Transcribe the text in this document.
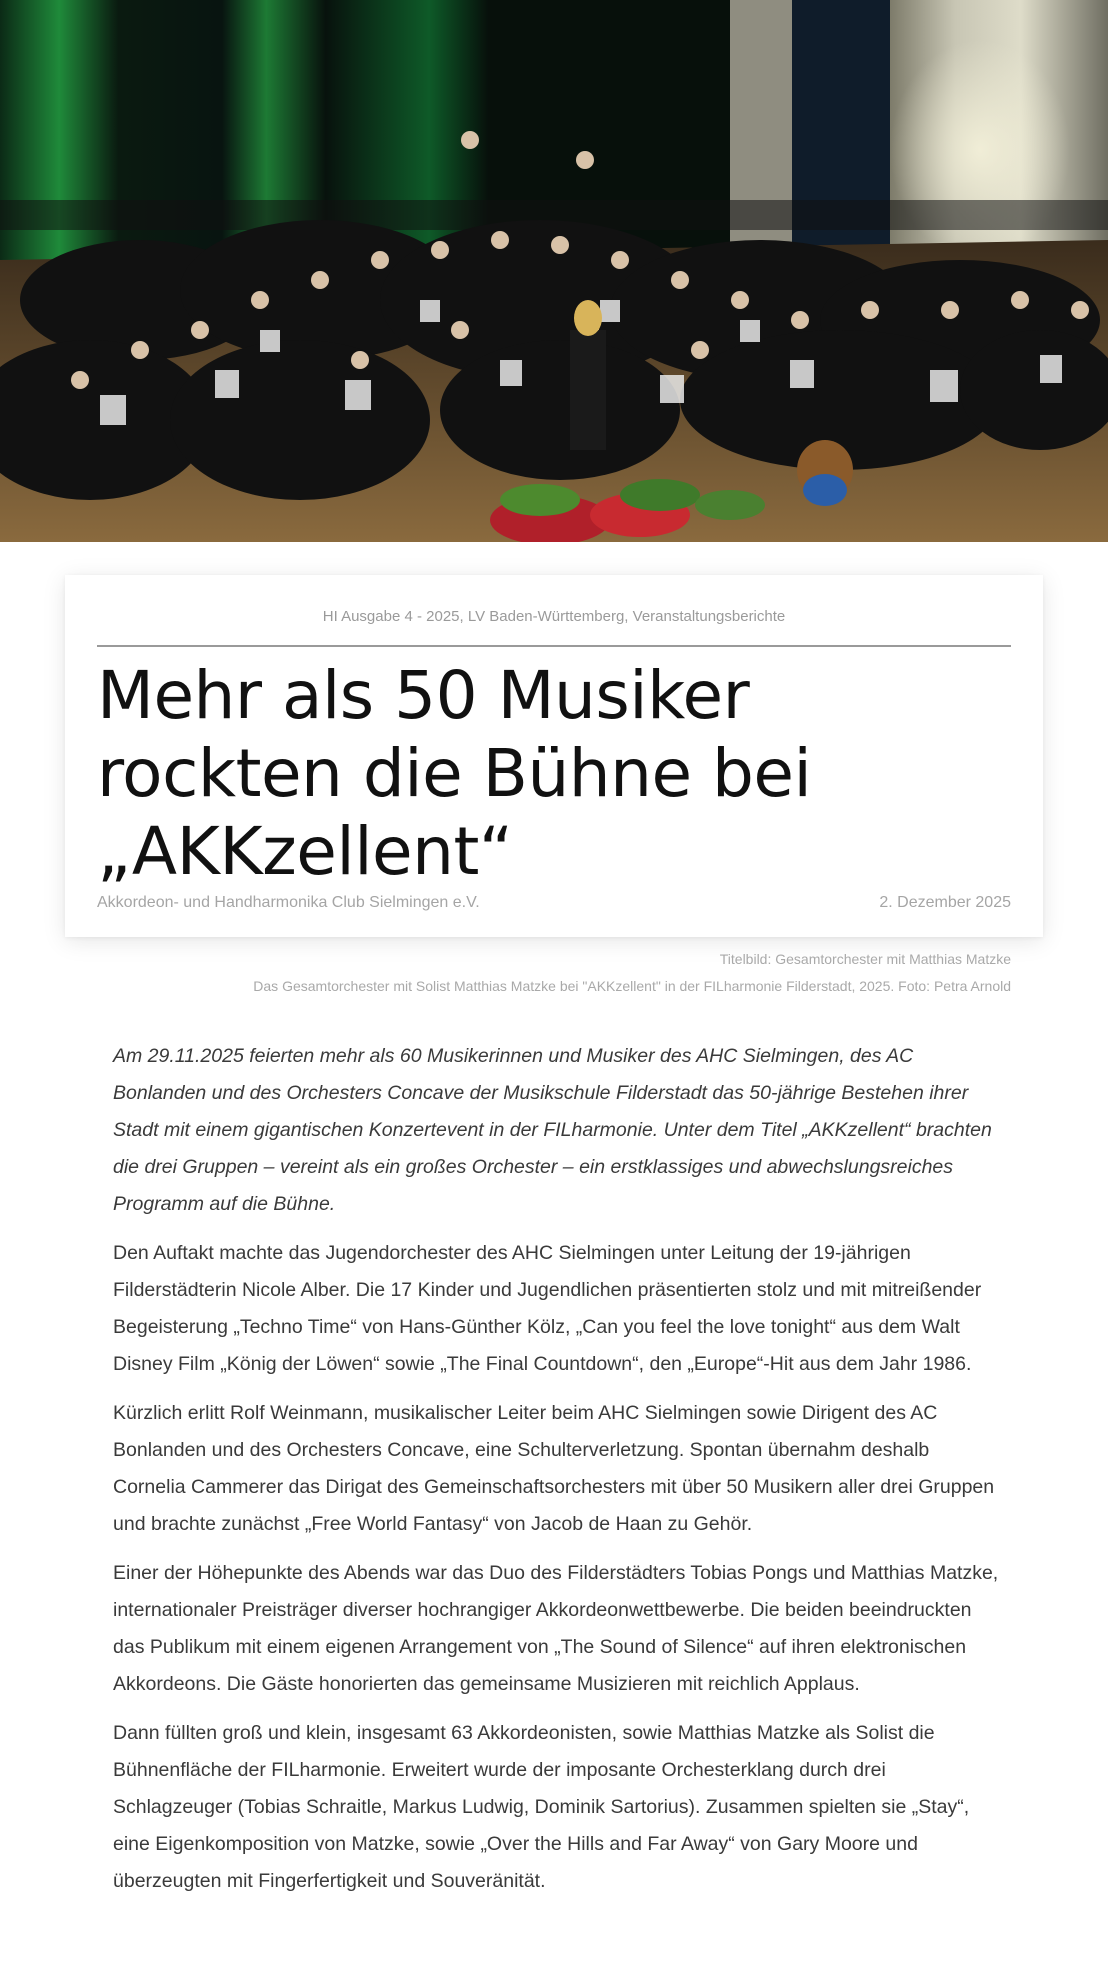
HI Ausgabe 4 - 2025, LV Baden-Württemberg, Veranstaltungsberichte
Mehr als 50 Musiker rockten die Bühne bei „AKKzellent“
Akkordeon- und Handharmonika Club Sielmingen e.V.	2. Dezember 2025
Titelbild: Gesamtorchester mit Matthias Matzke
Das Gesamtorchester mit Solist Matthias Matzke bei "AKKzellent" in der FILharmonie Filderstadt, 2025. Foto: Petra Arnold

Am 29.11.2025 feierten mehr als 60 Musikerinnen und Musiker des AHC Sielmingen, des AC Bonlanden und des Orchesters Concave der Musikschule Filderstadt das 50-jährige Bestehen ihrer Stadt mit einem gigantischen Konzertevent in der FILharmonie. Unter dem Titel „AKKzellent“ brachten die drei Gruppen – vereint als ein großes Orchester – ein erstklassiges und abwechslungsreiches Programm auf die Bühne.

Den Auftakt machte das Jugendorchester des AHC Sielmingen unter Leitung der 19-jährigen Filderstädterin Nicole Alber. Die 17 Kinder und Jugendlichen präsentierten stolz und mit mitreißender Begeisterung „Techno Time“ von Hans-Günther Kölz, „Can you feel the love tonight“ aus dem Walt Disney Film „König der Löwen“ sowie „The Final Countdown“, den „Europe“-Hit aus dem Jahr 1986.

Kürzlich erlitt Rolf Weinmann, musikalischer Leiter beim AHC Sielmingen sowie Dirigent des AC Bonlanden und des Orchesters Concave, eine Schulterverletzung. Spontan übernahm deshalb Cornelia Cammerer das Dirigat des Gemeinschaftsorchesters mit über 50 Musikern aller drei Gruppen und brachte zunächst „Free World Fantasy“ von Jacob de Haan zu Gehör.

Einer der Höhepunkte des Abends war das Duo des Filderstädters Tobias Pongs und Matthias Matzke, internationaler Preisträger diverser hochrangiger Akkordeonwettbewerbe. Die beiden beeindruckten das Publikum mit einem eigenen Arrangement von „The Sound of Silence“ auf ihren elektronischen Akkordeons. Die Gäste honorierten das gemeinsame Musizieren mit reichlich Applaus.

Dann füllten groß und klein, insgesamt 63 Akkordeonisten, sowie Matthias Matzke als Solist die Bühnenfläche der FILharmonie. Erweitert wurde der imposante Orchesterklang durch drei Schlagzeuger (Tobias Schraitle, Markus Ludwig, Dominik Sartorius). Zusammen spielten sie „Stay“, eine Eigenkomposition von Matzke, sowie „Over the Hills and Far Away“ von Gary Moore und überzeugten mit Fingerfertigkeit und Souveränität.
